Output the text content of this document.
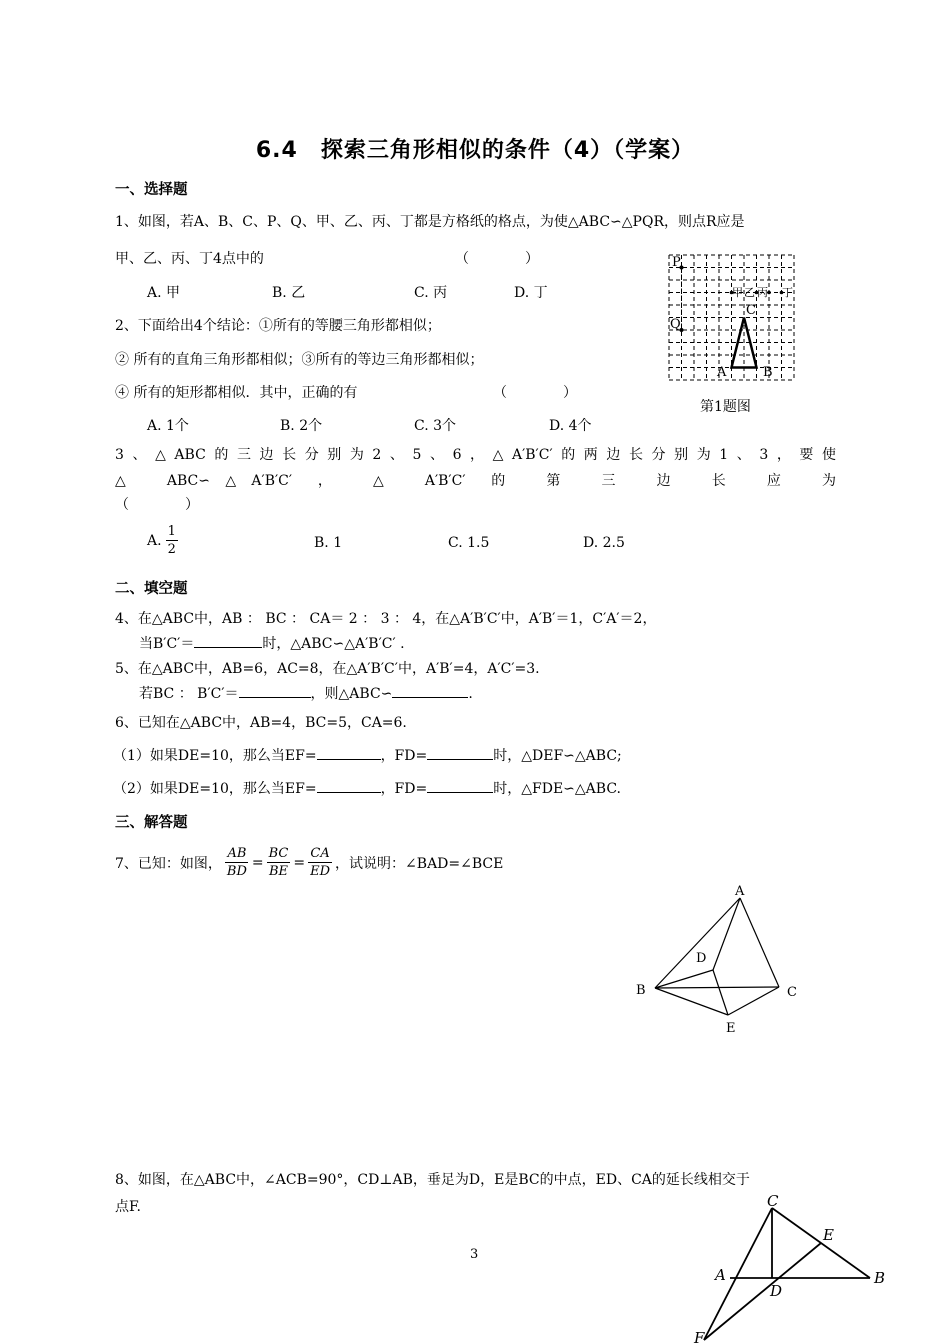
6.4　探索三角形相似的条件（4）（学案）
一、选择题
1、如图，若A、B、C、P、Q、甲、乙、丙、丁都是方格纸的格点，为使△ABC∽△PQR，则点R应是
甲、乙、丙、丁4点中的	（　　　　）
A. 甲	B. 乙	C. 丙	D. 丁
P
Q
A	B
C
甲 乙 丙 丁
第1题图
2、下面给出4个结论：①所有的等腰三角形都相似；
② 所有的直角三角形都相似；③所有的等边三角形都相似；
④ 所有的矩形都相似．其中，正确的有	（　　　　）
A. 1个	B. 2个	C. 3个	D. 4个
3、△ABC的三边长分别为2、5、6，△A′B′C′的两边长分别为1、3，要使
△ ABC∽△A′B′C′ ， △ A′B′C′ 的 第 三 边 长 应 为
（　　　　）
A. $\frac{1}{2}$	B. 1	C. 1.5	D. 2.5
二、填空题
4、在△ABC中，AB ： BC ： CA＝ 2 ： 3 ： 4，在△A′B′C′中，A′B′＝1，C′A′＝2，
当B′C′＝	时，△ABC∽△A′B′C′ .
5、在△ABC中，AB=6，AC=8，在△A′B′C′中，A′B′=4，A′C′=3.
若BC ： B′C′＝	，则△ABC∽	.
6、已知在△ABC中，AB=4，BC=5，CA=6.
（1）如果DE=10，那么当EF=	，FD=	时，△DEF∽△ABC;
（2）如果DE=10，那么当EF=	，FD=	时，△FDE∽△ABC.
三、解答题
7、已知：如图， $\frac{AB}{BD} = \frac{BC}{BE} = \frac{CA}{ED}$ ，试说明：∠BAD=∠BCE
A
B	C
D
E
8、如图，在△ABC中，∠ACB=90°，CD⊥AB，垂足为D，E是BC的中点，ED、CA的延长线相交于
点F.
3
C
A	B
D
E
F
